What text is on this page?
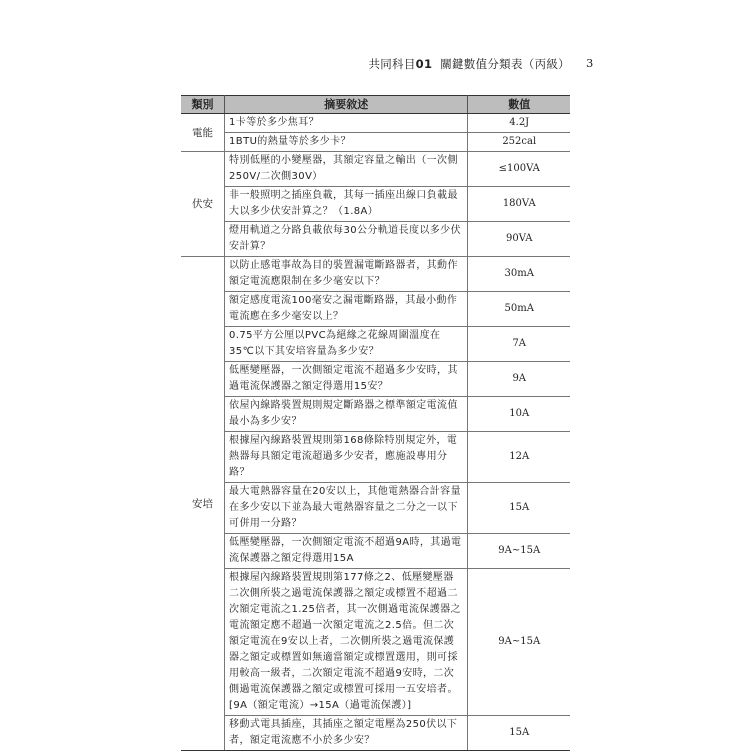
共同科目01 關鍵數值分類表（丙級） 3
類別	摘要敘述	數值
電能	1卡等於多少焦耳？	4.2J
	1BTU的熱量等於多少卡？	252cal
伏安	特別低壓的小變壓器，其額定容量之輸出（一次側250V/二次側30V）	≤100VA
	非一般照明之插座負載，其每一插座出線口負載最大以多少伏安計算之？（1.8A）	180VA
	燈用軌道之分路負載依每30公分軌道長度以多少伏安計算？	90VA
安培	以防止感電事故為目的裝置漏電斷路器者，其動作額定電流應限制在多少毫安以下？	30mA
	額定感度電流100毫安之漏電斷路器，其最小動作電流應在多少毫安以上？	50mA
	0.75平方公厘以PVC為絕緣之花線周圍溫度在35℃以下其安培容量為多少安？	7A
	低壓變壓器，一次側額定電流不超過多少安時，其過電流保護器之額定得選用15安？	9A
	依屋內線路裝置規則規定斷路器之標準額定電流值最小為多少安？	10A
	根據屋內線路裝置規則第168條除特別規定外，電熱器每具額定電流超過多少安者，應施設專用分路？	12A
	最大電熱器容量在20安以上，其他電熱器合計容量在多少安以下並為最大電熱器容量之二分之一以下可併用一分路？	15A
	低壓變壓器，一次側額定電流不超過9A時，其過電流保護器之額定得選用15A	9A~15A
	根據屋內線路裝置規則第177條之2、低壓變壓器二次側所裝之過電流保護器之額定或標置不超過二次額定電流之1.25倍者，其一次側過電流保護器之電流額定應不超過一次額定電流之2.5倍。但二次額定電流在9安以上者，二次側所裝之過電流保護器之額定或標置如無適當額定或標置選用，則可採用較高一級者，二次額定電流不超過9安時，二次側過電流保護器之額定或標置可採用一五安培者。[9A（額定電流）→15A（過電流保護）]	9A~15A
	移動式電具插座，其插座之額定電壓為250伏以下者，額定電流應不小於多少安？	15A
